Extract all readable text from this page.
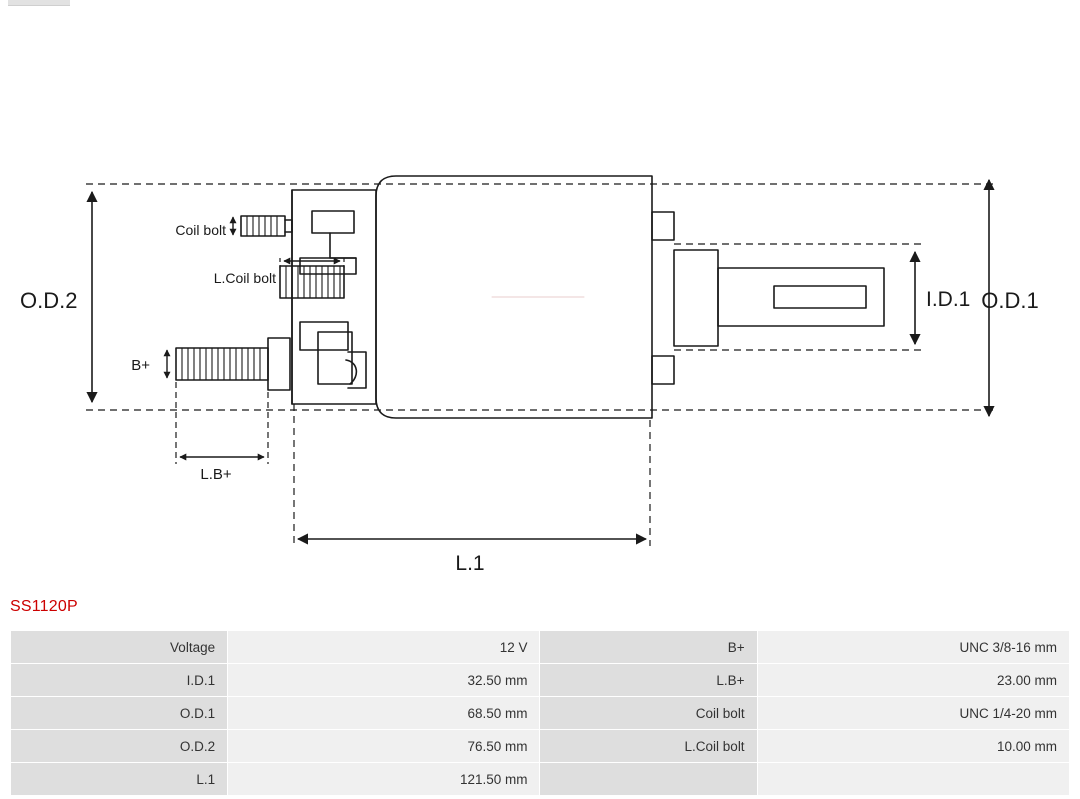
O.D.2	O.D.1
I.D.1
L.1
L.B+
B+
Coil bolt
L.Coil bolt
SS1120P
Voltage	12 V	B+	UNC 3/8-16 mm
I.D.1	32.50 mm	L.B+	23.00 mm
O.D.1	68.50 mm	Coil bolt	UNC 1/4-20 mm
O.D.2	76.50 mm	L.Coil bolt	10.00 mm
L.1	121.50 mm		
